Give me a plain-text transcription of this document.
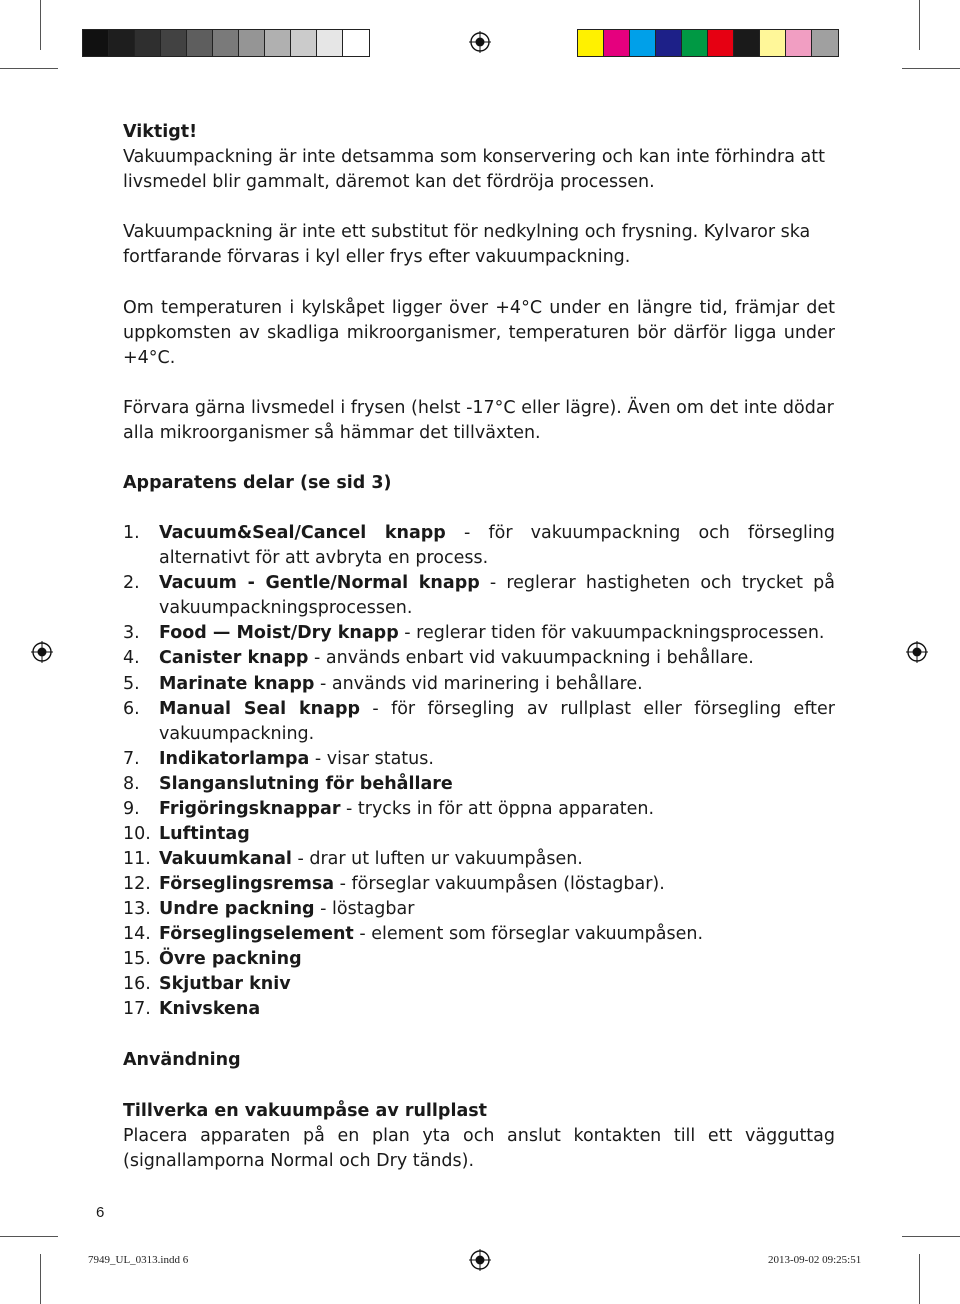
Viktigt!

Vakuumpackning är inte detsamma som konservering och kan inte förhindra att livsmedel blir gammalt, däremot kan det fördröja processen.

Vakuumpackning är inte ett substitut för nedkylning och frysning. Kylvaror ska fortfarande förvaras i kyl eller frys efter vakuumpackning.

Om temperaturen i kylskåpet ligger över +4°C under en längre tid, främjar det uppkomsten av skadliga mikroorganismer, temperaturen bör därför ligga under +4°C.

Förvara gärna livsmedel i frysen (helst -17°C eller lägre). Även om det inte dödar alla mikroorganismer så hämmar det tillväxten.

Apparatens delar (se sid 3)
1. Vacuum&Seal/Cancel knapp - för vakuumpackning och försegling alternativt för att avbryta en process.
2. Vacuum - Gentle/Normal knapp - reglerar hastigheten och trycket på vakuumpackningsprocessen.
3. Food — Moist/Dry knapp - reglerar tiden för vakuumpackningsprocessen.
4. Canister knapp - används enbart vid vakuumpackning i behållare.
5. Marinate knapp - används vid marinering i behållare.
6. Manual Seal knapp - för försegling av rullplast eller försegling efter vakuumpackning.
7. Indikatorlampa - visar status.
8. Slanganslutning för behållare
9. Frigöringsknappar - trycks in för att öppna apparaten.
10. Luftintag
11. Vakuumkanal - drar ut luften ur vakuumpåsen.
12. Förseglingsremsa - förseglar vakuumpåsen (löstagbar).
13. Undre packning - löstagbar
14. Förseglingselement - element som förseglar vakuumpåsen.
15. Övre packning
16. Skjutbar kniv
17. Knivskena
Användning
Tillverka en vakuumpåse av rullplast
Placera apparaten på en plan yta och anslut kontakten till ett vägguttag (signallamporna Normal och Dry tänds).
6
7949_UL_0313.indd 6	2013-09-02 09:25:51
